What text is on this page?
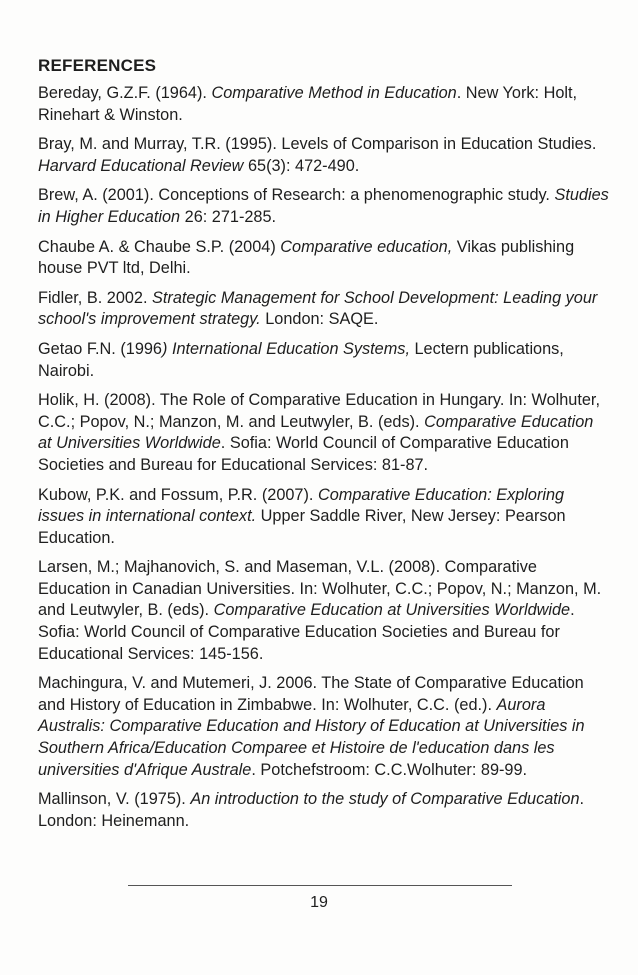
REFERENCES
Bereday, G.Z.F. (1964). Comparative Method in Education. New York: Holt, Rinehart & Winston.
Bray, M. and Murray, T.R. (1995). Levels of Comparison in Education Studies. Harvard Educational Review 65(3): 472-490.
Brew, A. (2001). Conceptions of Research: a phenomenographic study. Studies in Higher Education 26: 271-285.
Chaube A. & Chaube S.P. (2004) Comparative education, Vikas publishing house PVT ltd, Delhi.
Fidler, B. 2002. Strategic Management for School Development: Leading your school's improvement strategy. London: SAQE.
Getao F.N. (1996) International Education Systems, Lectern publications, Nairobi.
Holik, H. (2008). The Role of Comparative Education in Hungary. In: Wolhuter, C.C.; Popov, N.; Manzon, M. and Leutwyler, B. (eds). Comparative Education at Universities Worldwide. Sofia: World Council of Comparative Education Societies and Bureau for Educational Services: 81-87.
Kubow, P.K. and Fossum, P.R. (2007). Comparative Education: Exploring issues in international context. Upper Saddle River, New Jersey: Pearson Education.
Larsen, M.; Majhanovich, S. and Maseman, V.L. (2008). Comparative Education in Canadian Universities. In: Wolhuter, C.C.; Popov, N.; Manzon, M. and Leutwyler, B. (eds). Comparative Education at Universities Worldwide. Sofia: World Council of Comparative Education Societies and Bureau for Educational Services: 145-156.
Machingura, V. and Mutemeri, J. 2006. The State of Comparative Education and History of Education in Zimbabwe. In: Wolhuter, C.C. (ed.). Aurora Australis: Comparative Education and History of Education at Universities in Southern Africa/Education Comparee et Histoire de l'education dans les universities d'Afrique Australe. Potchefstroom: C.C.Wolhuter: 89-99.
Mallinson, V. (1975). An introduction to the study of Comparative Education. London: Heinemann.
19
